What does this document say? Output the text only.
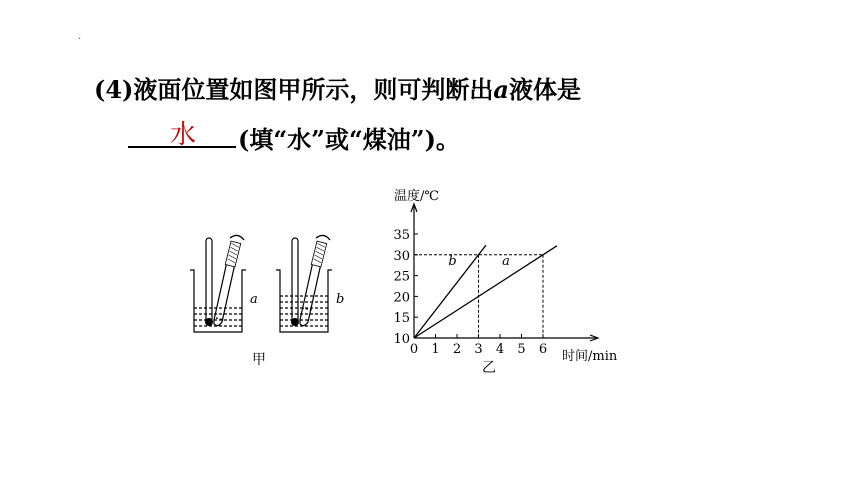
·
(4)液面位置如图甲所示，则可判断出a液体是
水 (填“水”或“煤油”)。
a	b
甲
温度/℃
时间/min
乙
0 1 2 3 4 5 6
10
15
20
25
30
35
a
b
